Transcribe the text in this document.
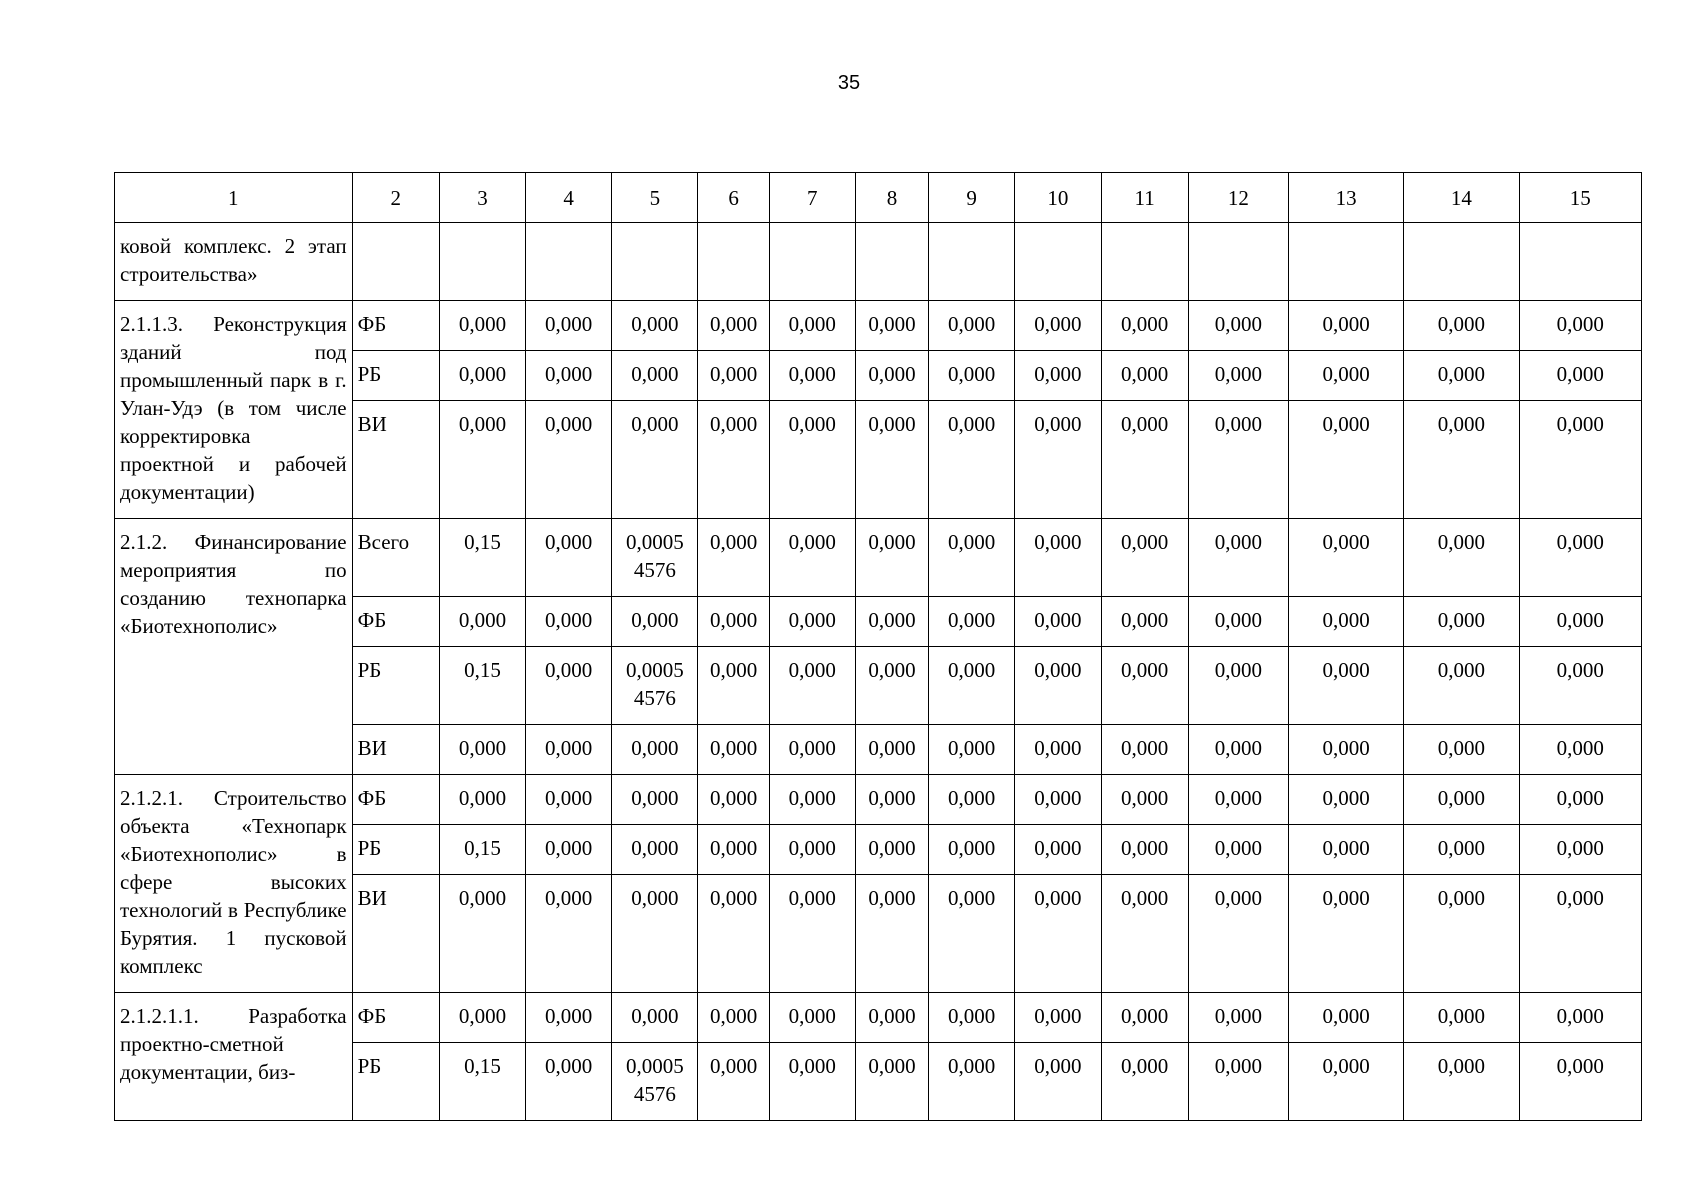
35
1	2	3	4	5	6	7	8	9	10	11	12	13	14	15
ковой комплекс. 2 этап строительства»														
2.1.1.3. Реконструкция зданий под промышленный парк в г. Улан-Удэ (в том числе корректировка проектной и рабочей документации)	ФБ	0,000	0,000	0,000	0,000	0,000	0,000	0,000	0,000	0,000	0,000	0,000	0,000	0,000
	РБ	0,000	0,000	0,000	0,000	0,000	0,000	0,000	0,000	0,000	0,000	0,000	0,000	0,000
	ВИ	0,000	0,000	0,000	0,000	0,000	0,000	0,000	0,000	0,000	0,000	0,000	0,000	0,000
2.1.2. Финансирование мероприятия по созданию технопарка «Биотехнополис»	Всего	0,15	0,000	0,0005 4576	0,000	0,000	0,000	0,000	0,000	0,000	0,000	0,000	0,000	0,000
	ФБ	0,000	0,000	0,000	0,000	0,000	0,000	0,000	0,000	0,000	0,000	0,000	0,000	0,000
	РБ	0,15	0,000	0,0005 4576	0,000	0,000	0,000	0,000	0,000	0,000	0,000	0,000	0,000	0,000
	ВИ	0,000	0,000	0,000	0,000	0,000	0,000	0,000	0,000	0,000	0,000	0,000	0,000	0,000
2.1.2.1. Строительство объекта «Технопарк «Биотехнополис» в сфере высоких технологий в Республике Бурятия. 1 пусковой комплекс	ФБ	0,000	0,000	0,000	0,000	0,000	0,000	0,000	0,000	0,000	0,000	0,000	0,000	0,000
	РБ	0,15	0,000	0,000	0,000	0,000	0,000	0,000	0,000	0,000	0,000	0,000	0,000	0,000
	ВИ	0,000	0,000	0,000	0,000	0,000	0,000	0,000	0,000	0,000	0,000	0,000	0,000	0,000
2.1.2.1.1. Разработка проектно-сметной документации, биз-	ФБ	0,000	0,000	0,000	0,000	0,000	0,000	0,000	0,000	0,000	0,000	0,000	0,000	0,000
	РБ	0,15	0,000	0,0005 4576	0,000	0,000	0,000	0,000	0,000	0,000	0,000	0,000	0,000	0,000
